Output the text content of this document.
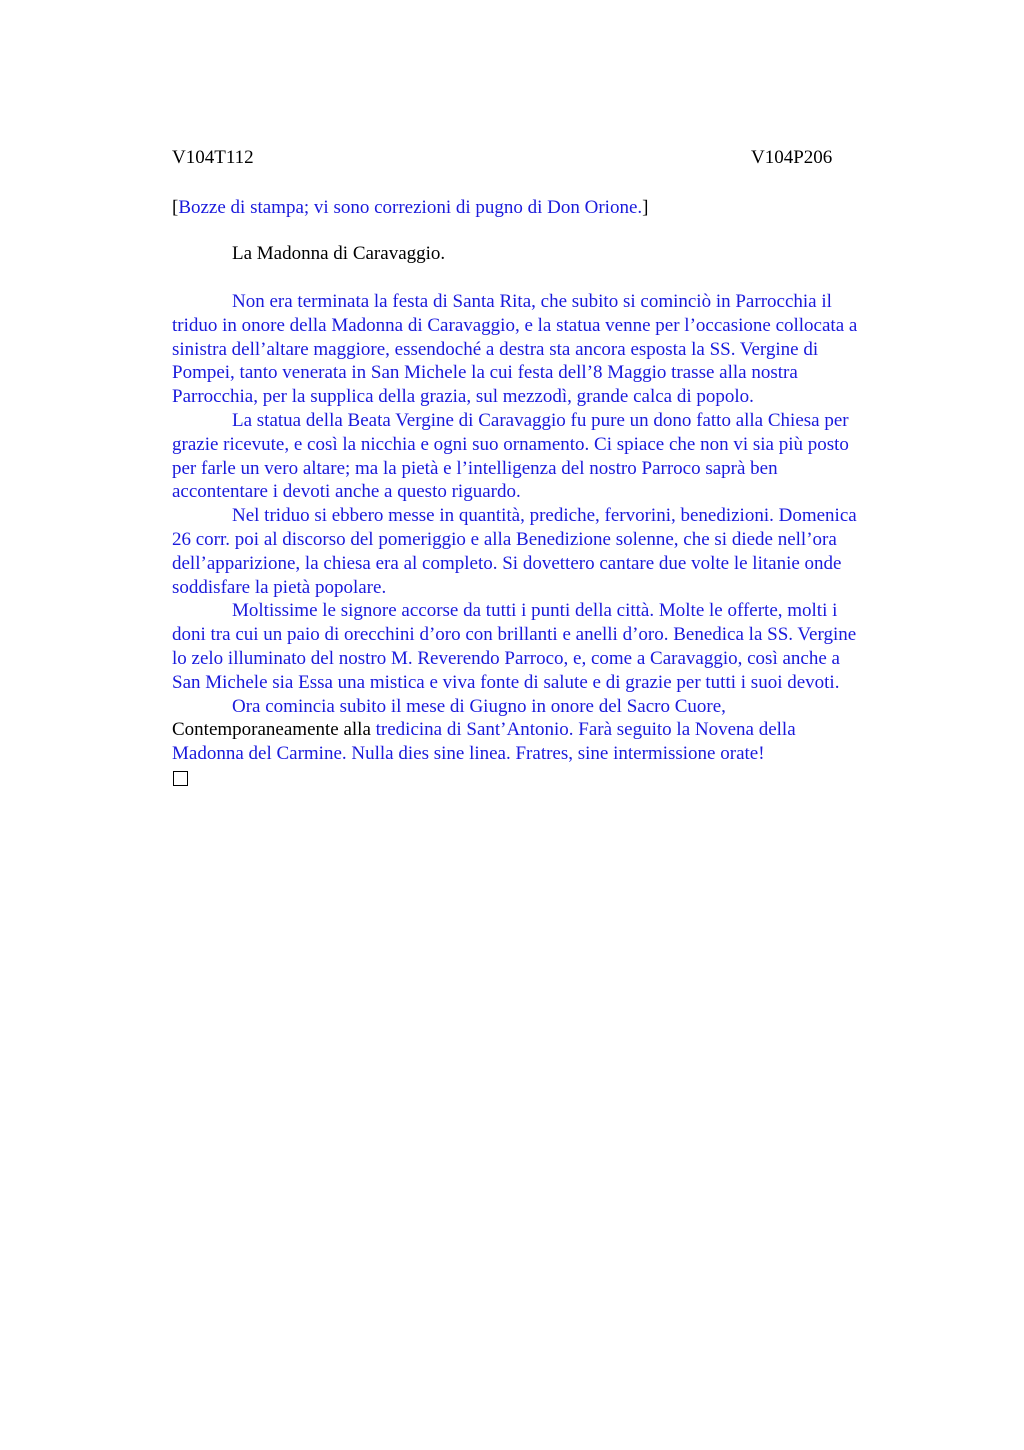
V104T112	V104P206
[Bozze di stampa; vi sono correzioni di pugno di Don Orione.]
La Madonna di Caravaggio.

Non era terminata la festa di Santa Rita, che subito si cominciò in Parrocchia il
triduo in onore della Madonna di Caravaggio, e la statua venne per l’occasione collocata a
sinistra dell’altare maggiore, essendoché a destra sta ancora esposta la SS. Vergine di
Pompei, tanto venerata in San Michele la cui festa dell’8 Maggio trasse alla nostra
Parrocchia, per la supplica della grazia, sul mezzodì, grande calca di popolo.

La statua della Beata Vergine di Caravaggio fu pure un dono fatto alla Chiesa per
grazie ricevute, e così la nicchia e ogni suo ornamento. Ci spiace che non vi sia più posto
per farle un vero altare; ma la pietà e l’intelligenza del nostro Parroco saprà ben
accontentare i devoti anche a questo riguardo.

Nel triduo si ebbero messe in quantità, prediche, fervorini, benedizioni. Domenica
26 corr. poi al discorso del pomeriggio e alla Benedizione solenne, che si diede nell’ora
dell’apparizione, la chiesa era al completo. Si dovettero cantare due volte le litanie onde
soddisfare la pietà popolare.

Moltissime le signore accorse da tutti i punti della città. Molte le offerte, molti i
doni tra cui un paio di orecchini d’oro con brillanti e anelli d’oro. Benedica la SS. Vergine
lo zelo illuminato del nostro M. Reverendo Parroco, e, come a Caravaggio, così anche a
San Michele sia Essa una mistica e viva fonte di salute e di grazie per tutti i suoi devoti.

Ora comincia subito il mese di Giugno in onore del Sacro Cuore,
Contemporaneamente alla tredicina di Sant’Antonio. Farà seguito la Novena della
Madonna del Carmine. Nulla dies sine linea. Fratres, sine intermissione orate!
